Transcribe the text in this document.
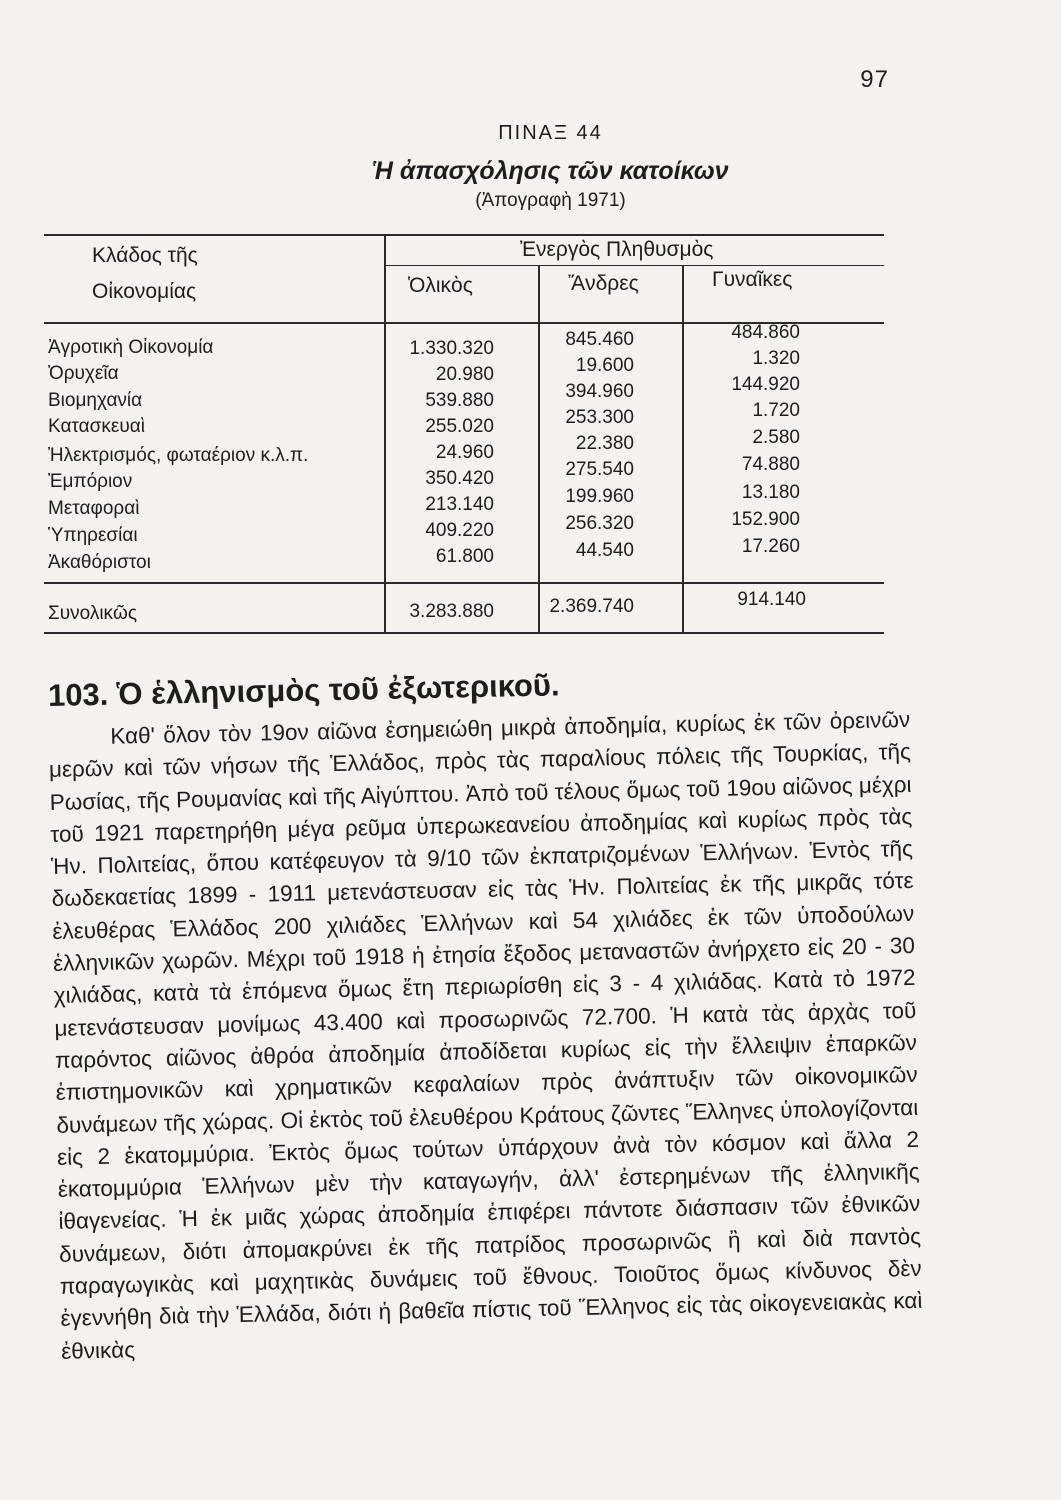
97
ΠΙΝΑΞ 44
Ἡ ἀπασχόλησις τῶν κατοίκων
(Ἀπογραφὴ 1971)
Κλάδος τῆς
Οἰκονομίας
Ἐνεργὸς Πληθυσμὸς
Ὁλικὸς	Ἄνδρες	Γυναῖκες
Ἀγροτικὴ Οἰκονομία	1.330.320	845.460	484.860
Ὀρυχεῖα	20.980	19.600	1.320
Βιομηχανία	539.880	394.960	144.920
Κατασκευαὶ	255.020	253.300	1.720
Ἠλεκτρισμός, φωταέριον κ.λ.π.	24.960	22.380	2.580
Ἐμπόριον	350.420	275.540	74.880
Μεταφοραὶ	213.140	199.960	13.180
Ὑπηρεσίαι	409.220	256.320	152.900
Ἀκαθόριστοι	61.800	44.540	17.260
Συνολικῶς	3.283.880	2.369.740	914.140
103. Ὁ ἑλληνισμὸς τοῦ ἐξωτερικοῦ.

Καθ' ὅλον τὸν 19ον αἰῶνα ἐσημειώθη μικρὰ ἀποδημία, κυρίως ἐκ τῶν ὀρεινῶν μερῶν καὶ τῶν νήσων τῆς Ἑλλάδος, πρὸς τὰς παραλίους πόλεις τῆς Τουρκίας, τῆς Ρωσίας, τῆς Ρουμανίας καὶ τῆς Αἰγύπτου. Ἀπὸ τοῦ τέλους ὅμως τοῦ 19ου αἰῶνος μέχρι τοῦ 1921 παρετηρήθη μέγα ρεῦμα ὑπερωκεανείου ἀποδημίας καὶ κυρίως πρὸς τὰς Ἡν. Πολιτείας, ὅπου κατέφευγον τὰ 9/10 τῶν ἐκπατριζομένων Ἑλλήνων. Ἐντὸς τῆς δωδεκαετίας 1899 - 1911 μετενάστευσαν εἰς τὰς Ἡν. Πολιτείας ἐκ τῆς μικρᾶς τότε ἐλευθέρας Ἑλλάδος 200 χιλιάδες Ἑλλήνων καὶ 54 χιλιάδες ἐκ τῶν ὑποδούλων ἑλληνικῶν χωρῶν. Μέχρι τοῦ 1918 ἡ ἐτησία ἔξοδος μεταναστῶν ἀνήρχετο εἰς 20 - 30 χιλιάδας, κατὰ τὰ ἑπόμενα ὅμως ἔτη περιωρίσθη εἰς 3 - 4 χιλιάδας. Κατὰ τὸ 1972 μετενάστευσαν μονίμως 43.400 καὶ προσωρινῶς 72.700. Ἡ κατὰ τὰς ἀρχὰς τοῦ παρόντος αἰῶνος ἀθρόα ἀποδημία ἀποδίδεται κυρίως εἰς τὴν ἔλλειψιν ἐπαρκῶν ἐπιστημονικῶν καὶ χρηματικῶν κεφαλαίων πρὸς ἀνάπτυξιν τῶν οἰκονομικῶν δυνάμεων τῆς χώρας. Οἱ ἐκτὸς τοῦ ἐλευθέρου Κράτους ζῶντες Ἕλληνες ὑπολογίζονται εἰς 2 ἑκατομμύρια. Ἐκτὸς ὅμως τούτων ὑπάρχουν ἀνὰ τὸν κόσμον καὶ ἄλλα 2 ἑκατομμύρια Ἑλλήνων μὲν τὴν καταγωγήν, ἀλλ' ἐστερημένων τῆς ἑλληνικῆς ἰθαγενείας. Ἡ ἐκ μιᾶς χώρας ἀποδημία ἐπιφέρει πάντοτε διάσπασιν τῶν ἐθνικῶν δυνάμεων, διότι ἀπομακρύνει ἐκ τῆς πατρίδος προσωρινῶς ἢ καὶ διὰ παντὸς παραγωγικὰς καὶ μαχητικὰς δυνάμεις τοῦ ἔθνους. Τοιοῦτος ὅμως κίνδυνος δὲν ἐγεννήθη διὰ τὴν Ἑλλάδα, διότι ἡ βαθεῖα πίστις τοῦ Ἕλληνος εἰς τὰς οἰκογενειακὰς καὶ ἐθνικὰς
